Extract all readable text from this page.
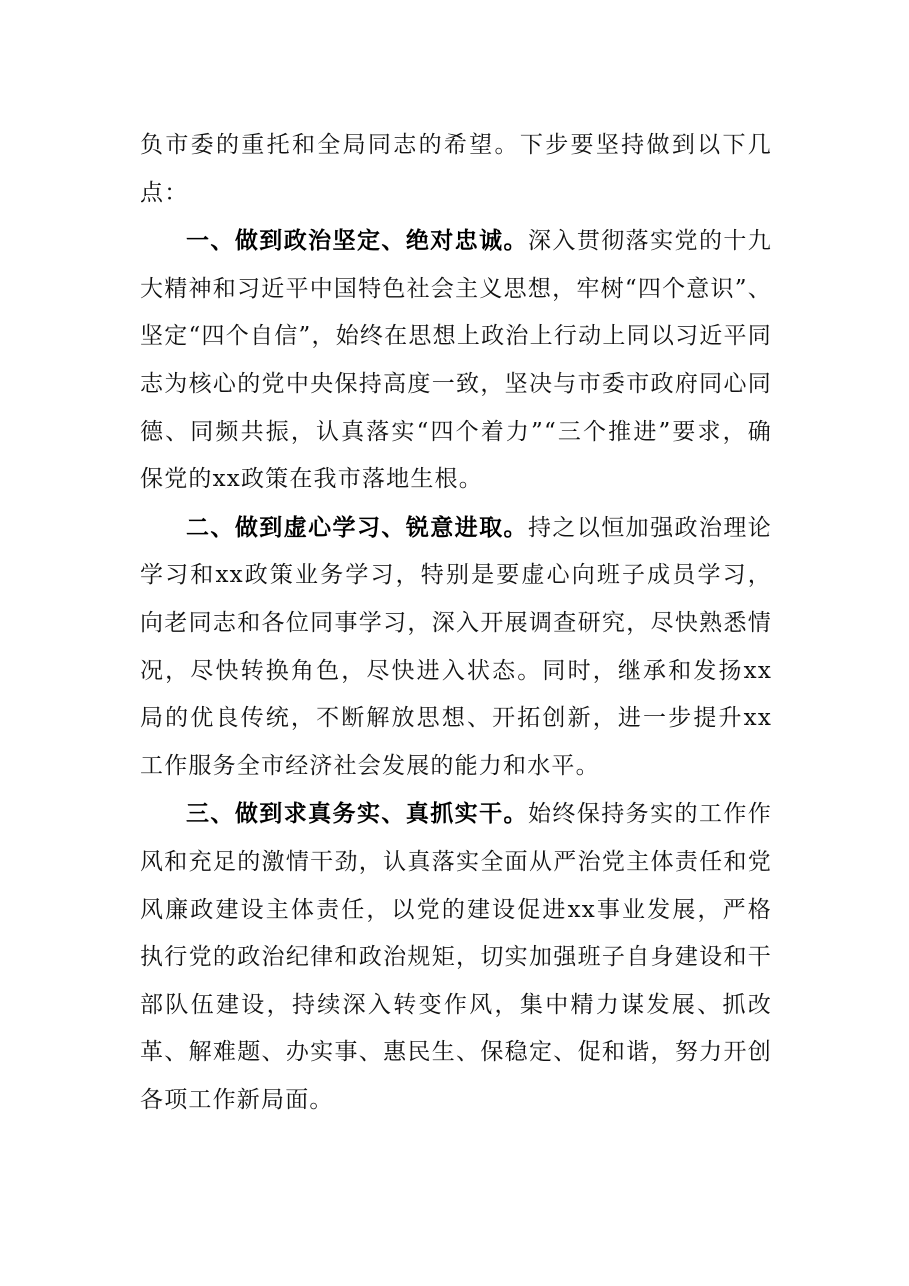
负市委的重托和全局同志的希望。下步要坚持做到以下几点：

一、做到政治坚定、绝对忠诚。深入贯彻落实党的十九大精神和习近平中国特色社会主义思想，牢树“四个意识”、坚定“四个自信”，始终在思想上政治上行动上同以习近平同志为核心的党中央保持高度一致，坚决与市委市政府同心同德、同频共振，认真落实“四个着力”“三个推进”要求，确保党的xx政策在我市落地生根。

二、做到虚心学习、锐意进取。持之以恒加强政治理论学习和xx政策业务学习，特别是要虚心向班子成员学习，向老同志和各位同事学习，深入开展调查研究，尽快熟悉情况，尽快转换角色，尽快进入状态。同时，继承和发扬xx局的优良传统，不断解放思想、开拓创新，进一步提升xx工作服务全市经济社会发展的能力和水平。

三、做到求真务实、真抓实干。始终保持务实的工作作风和充足的激情干劲，认真落实全面从严治党主体责任和党风廉政建设主体责任，以党的建设促进xx事业发展，严格执行党的政治纪律和政治规矩，切实加强班子自身建设和干部队伍建设，持续深入转变作风，集中精力谋发展、抓改革、解难题、办实事、惠民生、保稳定、促和谐，努力开创各项工作新局面。
